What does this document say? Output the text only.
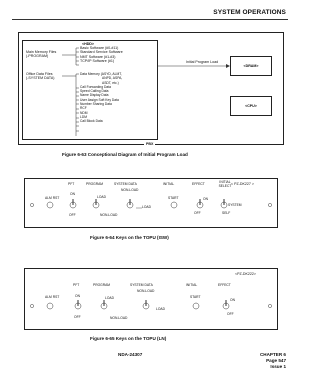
SYSTEM OPERATIONS
<HDD>
Main Memory Files
(-PROGRAM)
Basic Software (#0-#11)
Standard Service Software
NMT Software (#1-#3)
TCP/IP Software (#1)
Office Data Files
(-SYSTEM DATA)
Data Memory (ASYD, ALMT,
ANPD, ASPA,
ASDT, etc.)
Call Forwarding Data
Speed Calling Data
Name Display Data
User Assign Soft Key Data
Number Sharing Data
RCF
NDM
LDM
Call Block Data
Initial Program Load
<DRAM>
<CPU>
PBX
Figure 6-63 Conceptional Diagram of Initial Program Load
< PZ-DK227 >
ALM RST
PFT	PROGRAM	SYSTEM DATA
NON-LOAD
INITIAL	EFFECT	INITIAL SELECT
ON
OFF
LOAD
LOAD
NON-LOAD
START	ON
OFF
SYSTEM
SELF
Figure 6-64 Keys on the TOPU (ISW)
<PZ-DK222>
ALM RST
PFT	PROGRAM	SYSTEM DATA
NON-LOAD
INITIAL	EFFECT
ON
OFF
LOAD
LOAD
NON-LOAD
START
ON
OFF
Figure 6-65 Keys on the TOPU (LN)
NDA-24307	CHAPTER 6
Page 547
Issue 1
